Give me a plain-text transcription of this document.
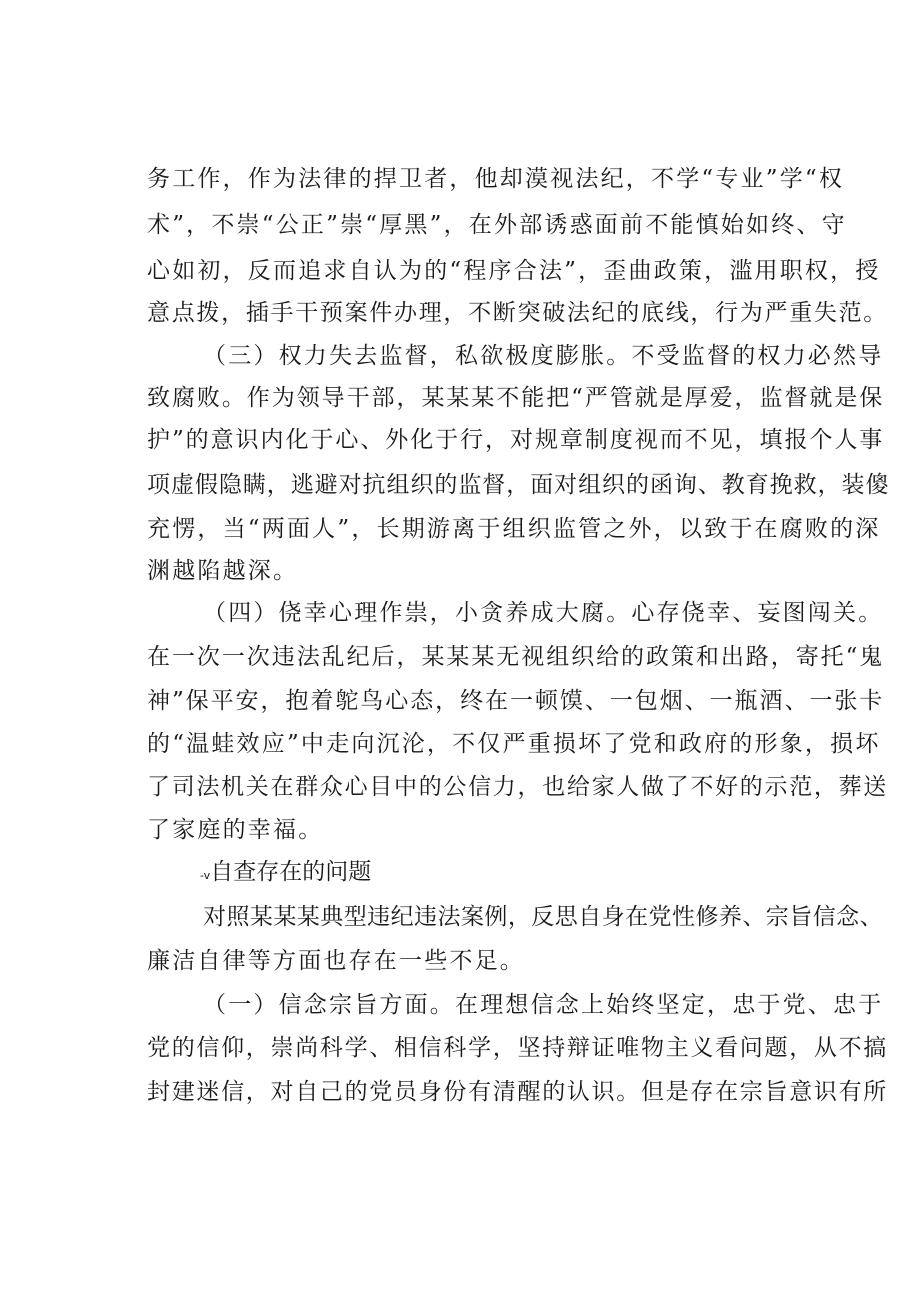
务工作，作为法律的捍卫者，他却漠视法纪，不学“专业”学“权
术”，不崇“公正”崇“厚黑”，在外部诱惑面前不能慎始如终、守
心如初，反而追求自认为的“程序合法”，歪曲政策，滥用职权，授
意点拨，插手干预案件办理，不断突破法纪的底线，行为严重失范。
（三）权力失去监督，私欲极度膨胀。不受监督的权力必然导
致腐败。作为领导干部，某某某不能把“严管就是厚爱，监督就是保
护”的意识内化于心、外化于行，对规章制度视而不见，填报个人事
项虚假隐瞒，逃避对抗组织的监督，面对组织的函询、教育挽救，装傻
充愣，当“两面人”，长期游离于组织监管之外，以致于在腐败的深
渊越陷越深。
（四）侥幸心理作祟，小贪养成大腐。心存侥幸、妄图闯关。
在一次一次违法乱纪后，某某某无视组织给的政策和出路，寄托“鬼
神”保平安，抱着鸵鸟心态，终在一顿馍、一包烟、一瓶酒、一张卡
的“温蛙效应”中走向沉沦，不仅严重损坏了党和政府的形象，损坏
了司法机关在群众心目中的公信力，也给家人做了不好的示范，葬送
了家庭的幸福。
-v自查存在的问题
对照某某某典型违纪违法案例，反思自身在党性修养、宗旨信念、
廉洁自律等方面也存在一些不足。
（一）信念宗旨方面。在理想信念上始终坚定，忠于党、忠于
党的信仰，崇尚科学、相信科学，坚持辩证唯物主义看问题，从不搞
封建迷信，对自己的党员身份有清醒的认识。但是存在宗旨意识有所
